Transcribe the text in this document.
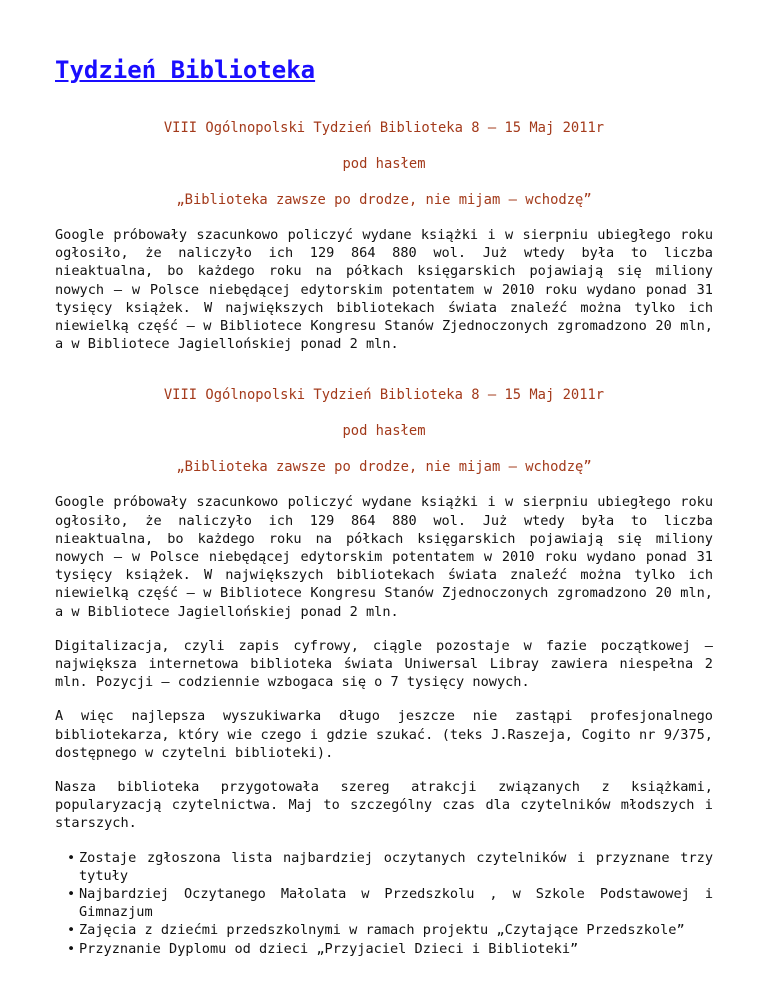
Tydzień Biblioteka

VIII Ogólnopolski Tydzień Biblioteka 8 – 15 Maj 2011r

pod hasłem

„Biblioteka zawsze po drodze, nie mijam – wchodzę”

Google próbowały szacunkowo policzyć wydane książki i w sierpniu ubiegłego roku ogłosiło, że naliczyło ich 129 864 880 wol. Już wtedy była to liczba nieaktualna, bo każdego roku na półkach księgarskich pojawiają się miliony nowych – w Polsce niebędącej edytorskim potentatem w 2010 roku wydano ponad 31 tysięcy książek. W największych bibliotekach świata znaleźć można tylko ich niewielką część – w Bibliotece Kongresu Stanów Zjednoczonych zgromadzono 20 mln, a w Bibliotece Jagiellońskiej ponad 2 mln.

VIII Ogólnopolski Tydzień Biblioteka 8 – 15 Maj 2011r

pod hasłem

„Biblioteka zawsze po drodze, nie mijam – wchodzę”

Google próbowały szacunkowo policzyć wydane książki i w sierpniu ubiegłego roku ogłosiło, że naliczyło ich 129 864 880 wol. Już wtedy była to liczba nieaktualna, bo każdego roku na półkach księgarskich pojawiają się miliony nowych – w Polsce niebędącej edytorskim potentatem w 2010 roku wydano ponad 31 tysięcy książek. W największych bibliotekach świata znaleźć można tylko ich niewielką część – w Bibliotece Kongresu Stanów Zjednoczonych zgromadzono 20 mln, a w Bibliotece Jagiellońskiej ponad 2 mln.

Digitalizacja, czyli zapis cyfrowy, ciągle pozostaje w fazie początkowej – największa internetowa biblioteka świata Uniwersal Libray zawiera niespełna 2 mln. Pozycji – codziennie wzbogaca się o 7 tysięcy nowych.

A więc najlepsza wyszukiwarka długo jeszcze nie zastąpi profesjonalnego bibliotekarza, który wie czego i gdzie szukać. (teks J.Raszeja, Cogito nr 9/375, dostępnego w czytelni biblioteki).

Nasza biblioteka przygotowała szereg atrakcji związanych z książkami, popularyzacją czytelnictwa. Maj to szczególny czas dla czytelników młodszych i starszych.

• Zostaje zgłoszona lista najbardziej oczytanych czytelników i przyznane trzy tytuły
• Najbardziej Oczytanego Małolata w Przedszkolu , w Szkole Podstawowej i Gimnazjum
• Zajęcia z dziećmi przedszkolnymi w ramach projektu „Czytające Przedszkole”
• Przyznanie Dyplomu od dzieci „Przyjaciel Dzieci i Biblioteki”
